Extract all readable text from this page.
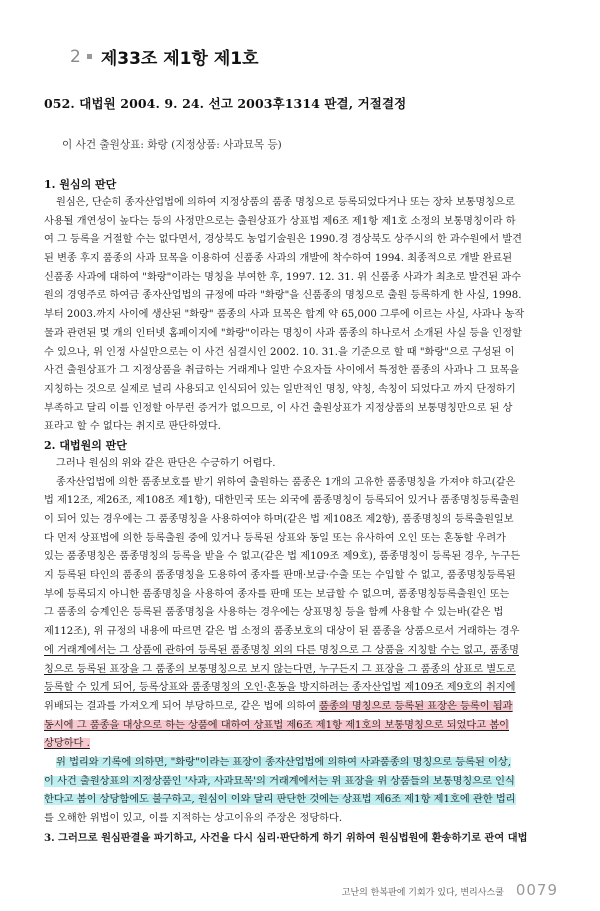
2 제33조 제1항 제1호
052. 대법원 2004. 9. 24. 선고 2003후1314 판결, 거절결정
이 사건 출원상표: 화랑 (지정상품: 사과묘목 등)
1. 원심의 판단
원심은, 단순히 종자산업법에 의하여 지정상품의 품종 명칭으로 등록되었다거나 또는 장차 보통명칭으로
사용될 개연성이 높다는 등의 사정만으로는 출원상표가 상표법 제6조 제1항 제1호 소정의 보통명칭이라 하
여 그 등록을 거절할 수는 없다면서, 경상북도 농업기술원은 1990.경 경상북도 상주시의 한 과수원에서 발견
된 변종 후지 품종의 사과 묘목을 이용하여 신품종 사과의 개발에 착수하여 1994. 최종적으로 개발 완료된
신품종 사과에 대하여 "화랑"이라는 명칭을 부여한 후, 1997. 12. 31. 위 신품종 사과가 최초로 발견된 과수
원의 경영주로 하여금 종자산업법의 규정에 따라 "화랑"을 신품종의 명칭으로 출원 등록하게 한 사실, 1998.
부터 2003.까지 사이에 생산된 "화랑" 품종의 사과 묘목은 합계 약 65,000 그루에 이르는 사실, 사과나 농작
물과 관련된 몇 개의 인터넷 홈페이지에 "화랑"이라는 명칭이 사과 품종의 하나로서 소개된 사실 등을 인정할
수 있으나, 위 인정 사실만으로는 이 사건 심결시인 2002. 10. 31.을 기준으로 할 때 "화랑"으로 구성된 이
사건 출원상표가 그 지정상품을 취급하는 거래계나 일반 수요자들 사이에서 특정한 품종의 사과나 그 묘목을
지칭하는 것으로 실제로 널리 사용되고 인식되어 있는 일반적인 명칭, 약칭, 속칭이 되었다고 까지 단정하기
부족하고 달리 이를 인정할 아무런 증거가 없으므로, 이 사건 출원상표가 지정상품의 보통명칭만으로 된 상
표라고 할 수 없다는 취지로 판단하였다.
2. 대법원의 판단
그러나 원심의 위와 같은 판단은 수긍하기 어렵다.
종자산업법에 의한 품종보호를 받기 위하여 출원하는 품종은 1개의 고유한 품종명칭을 가져야 하고(같은
법 제12조, 제26조, 제108조 제1항), 대한민국 또는 외국에 품종명칭이 등록되어 있거나 품종명칭등록출원
이 되어 있는 경우에는 그 품종명칭을 사용하여야 하며(같은 법 제108조 제2항), 품종명칭의 등록출원일보
다 먼저 상표법에 의한 등록출원 중에 있거나 등록된 상표와 동일 또는 유사하여 오인 또는 혼동할 우려가
있는 품종명칭은 품종명칭의 등록을 받을 수 없고(같은 법 제109조 제9호), 품종명칭이 등록된 경우, 누구든
지 등록된 타인의 품종의 품종명칭을 도용하여 종자를 판매·보급·수출 또는 수입할 수 없고, 품종명칭등록된
부에 등록되지 아니한 품종명칭을 사용하여 종자를 판매 또는 보급할 수 없으며, 품종명칭등록출원인 또는
그 품종의 승계인은 등록된 품종명칭을 사용하는 경우에는 상표명칭 등을 함께 사용할 수 있는바(같은 법
제112조), 위 규정의 내용에 따르면 같은 법 소정의 품종보호의 대상이 된 품종을 상품으로서 거래하는 경우
에 거래계에서는 그 상품에 관하여 등록된 품종명칭 외의 다른 명칭으로 그 상품을 지칭할 수는 없고, 품종명
칭으로 등록된 표장을 그 품종의 보통명칭으로 보지 않는다면, 누구든지 그 표장을 그 품종의 상표로 별도로
등록할 수 있게 되어, 등록상표와 품종명칭의 오인·혼동을 방지하려는 종자산업법 제109조 제9호의 취지에
위배되는 결과를 가져오게 되어 부당하므로, 같은 법에 의하여 품종의 명칭으로 등록된 표장은 등록이 됨과
동시에 그 품종을 대상으로 하는 상품에 대하여 상표법 제6조 제1항 제1호의 보통명칭으로 되었다고 봄이
상당하다 .
위 법리와 기록에 의하면, "화랑"이라는 표장이 종자산업법에 의하여 사과품종의 명칭으로 등록된 이상,
이 사건 출원상표의 지정상품인 '사과, 사과묘목'의 거래계에서는 위 표장을 위 상품들의 보통명칭으로 인식
한다고 봄이 상당함에도 불구하고, 원심이 이와 달리 판단한 것에는 상표법 제6조 제1항 제1호에 관한 법리
를 오해한 위법이 있고, 이를 지적하는 상고이유의 주장은 정당하다.
3. 그러므로 원심판결을 파기하고, 사건을 다시 심리·판단하게 하기 위하여 원심법원에 환송하기로 관여 대법
고난의 한복판에 기회가 있다, 변리사스쿨 0079
